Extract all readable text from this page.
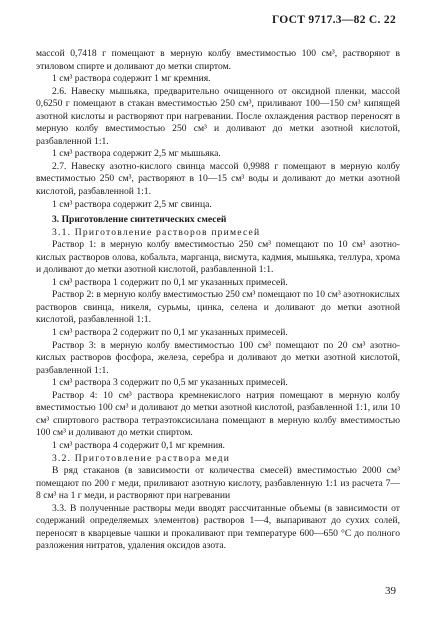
ГОСТ 9717.3—82 С. 22

массой 0,7418 г помещают в мерную колбу вместимостью 100 см³, растворяют в этиловом спирте и доливают до метки спиртом.

1 см³ раствора содержит 1 мг кремния.

2.6. Навеску мышьяка, предварительно очищенного от оксидной пленки, массой 0,6250 г помещают в стакан вместимостью 250 см³, приливают 100—150 см³ кипящей азотной кислоты и растворяют при нагревании. После охлаждения раствор переносят в мерную колбу вместимостью 250 см³ и доливают до метки азотной кислотой, разбавленной 1:1.

1 см³ раствора содержит 2,5 мг мышьяка.

2.7. Навеску азотно-кислого свинца массой 0,9988 г помещают в мерную колбу вместимостью 250 см³, растворяют в 10—15 см³ воды и доливают до метки азотной кислотой, разбавленной 1:1.

1 см³ раствора содержит 2,5 мг свинца.

3. Приготовление синтетических смесей

3.1. Приготовление растворов примесей

Раствор 1: в мерную колбу вместимостью 250 см³ помещают по 10 см³ азотно-кислых растворов олова, кобальта, марганца, висмута, кадмия, мышьяка, теллура, хрома и доливают до метки азотной кислотой, разбавленной 1:1.

1 см³ раствора 1 содержит по 0,1 мг указанных примесей.

Раствор 2: в мерную колбу вместимостью 250 см³ помещают по 10 см³ азотнокислых растворов свинца, никеля, сурьмы, цинка, селена и доливают до метки азотной кислотой, разбавленной 1:1.

1 см³ раствора 2 содержит по 0,1 мг указанных примесей.

Раствор 3: в мерную колбу вместимостью 100 см³ помещают по 20 см³ азотно-кислых растворов фосфора, железа, серебра и доливают до метки азотной кислотой, разбавленной 1:1.

1 см³ раствора 3 содержит по 0,5 мг указанных примесей.

Раствор 4: 10 см³ раствора кремнекислого натрия помещают в мерную колбу вместимостью 100 см³ и доливают до метки азотной кислотой, разбавленной 1:1, или 10 см³ спиртового раствора тетраэтоксисилана помещают в мерную колбу вместимостью 100 см³ и доливают до метки спиртом.

1 см³ раствора 4 содержит 0,1 мг кремния.

3.2. Приготовление раствора меди

В ряд стаканов (в зависимости от количества смесей) вместимостью 2000 см³ помещают по 200 г меди, приливают азотную кислоту, разбавленную 1:1 из расчета 7—8 см³ на 1 г меди, и растворяют при нагревании

3.3. В полученные растворы меди вводят рассчитанные объемы (в зависимости от содержаний определяемых элементов) растворов 1—4, выпаривают до сухих солей, переносят в кварцевые чашки и прокаливают при температуре 600—650 °С до полного разложения нитратов, удаления оксидов азота.

39
